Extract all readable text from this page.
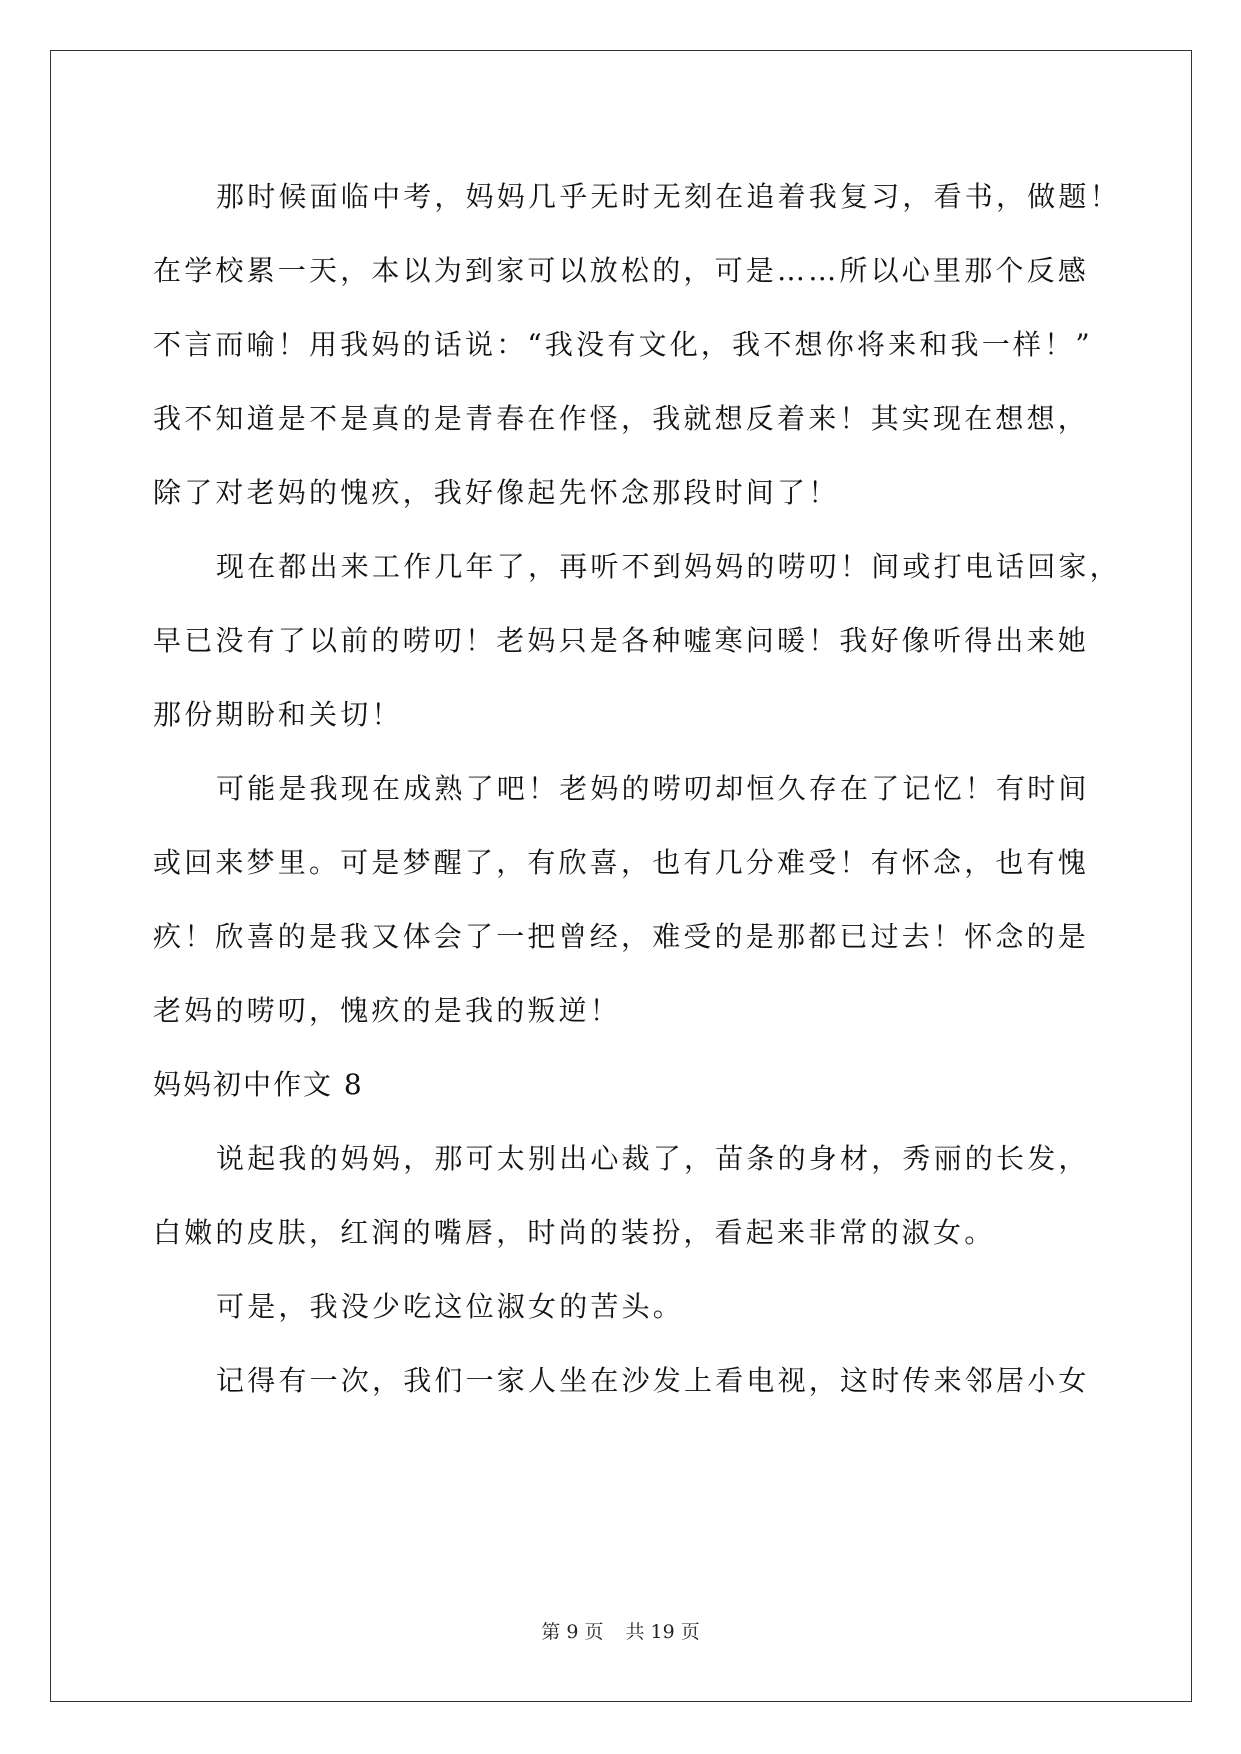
那时候面临中考，妈妈几乎无时无刻在追着我复习，看书，做题！

在学校累一天，本以为到家可以放松的，可是……所以心里那个反感

不言而喻！用我妈的话说：“我没有文化，我不想你将来和我一样！”

我不知道是不是真的是青春在作怪，我就想反着来！其实现在想想，

除了对老妈的愧疚，我好像起先怀念那段时间了！

现在都出来工作几年了，再听不到妈妈的唠叨！间或打电话回家，

早已没有了以前的唠叨！老妈只是各种嘘寒问暖！我好像听得出来她

那份期盼和关切！

可能是我现在成熟了吧！老妈的唠叨却恒久存在了记忆！有时间

或回来梦里。可是梦醒了，有欣喜，也有几分难受！有怀念，也有愧

疚！欣喜的是我又体会了一把曾经，难受的是那都已过去！怀念的是

老妈的唠叨，愧疚的是我的叛逆！

妈妈初中作文 8

说起我的妈妈，那可太别出心裁了，苗条的身材，秀丽的长发，

白嫩的皮肤，红润的嘴唇，时尚的装扮，看起来非常的淑女。

可是，我没少吃这位淑女的苦头。

记得有一次，我们一家人坐在沙发上看电视，这时传来邻居小女

第 9 页 共 19 页
